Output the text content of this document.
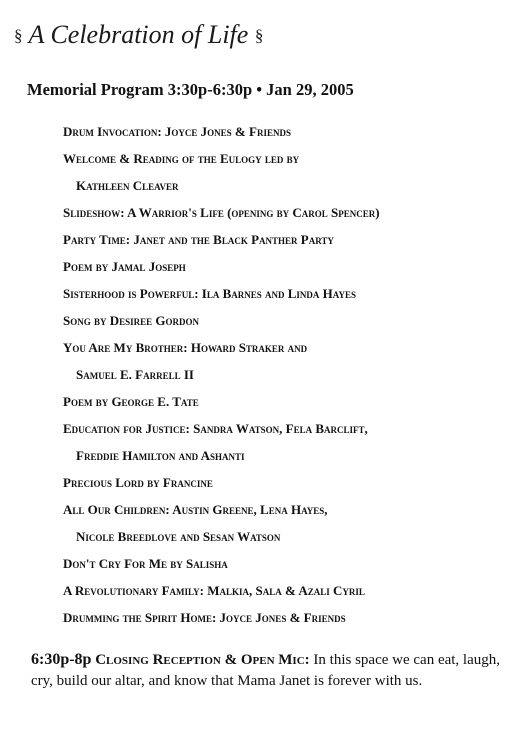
§ A Celebration of Life §
Memorial Program 3:30p-6:30p • Jan 29, 2005
Drum Invocation: Joyce Jones & Friends
Welcome & Reading of the Eulogy led by
Kathleen Cleaver
Slideshow: A Warrior's Life (opening by Carol Spencer)
Party Time: Janet and the Black Panther Party
Poem by Jamal Joseph
Sisterhood is Powerful: Ila Barnes and Linda Hayes
Song by Desiree Gordon
You Are My Brother: Howard Straker and
Samuel E. Farrell II
Poem by George E. Tate
Education for Justice: Sandra Watson, Fela Barclift,
Freddie Hamilton and Ashanti
Precious Lord by Francine
All Our Children: Austin Greene, Lena Hayes,
Nicole Breedlove and Sesan Watson
Don't Cry For Me by Salisha
A Revolutionary Family: Malkia, Sala & Azali Cyril
Drumming the Spirit Home: Joyce Jones & Friends
6:30p-8p Closing Reception & Open Mic: In this space we can eat, laugh, cry, build our altar, and know that Mama Janet is forever with us.
